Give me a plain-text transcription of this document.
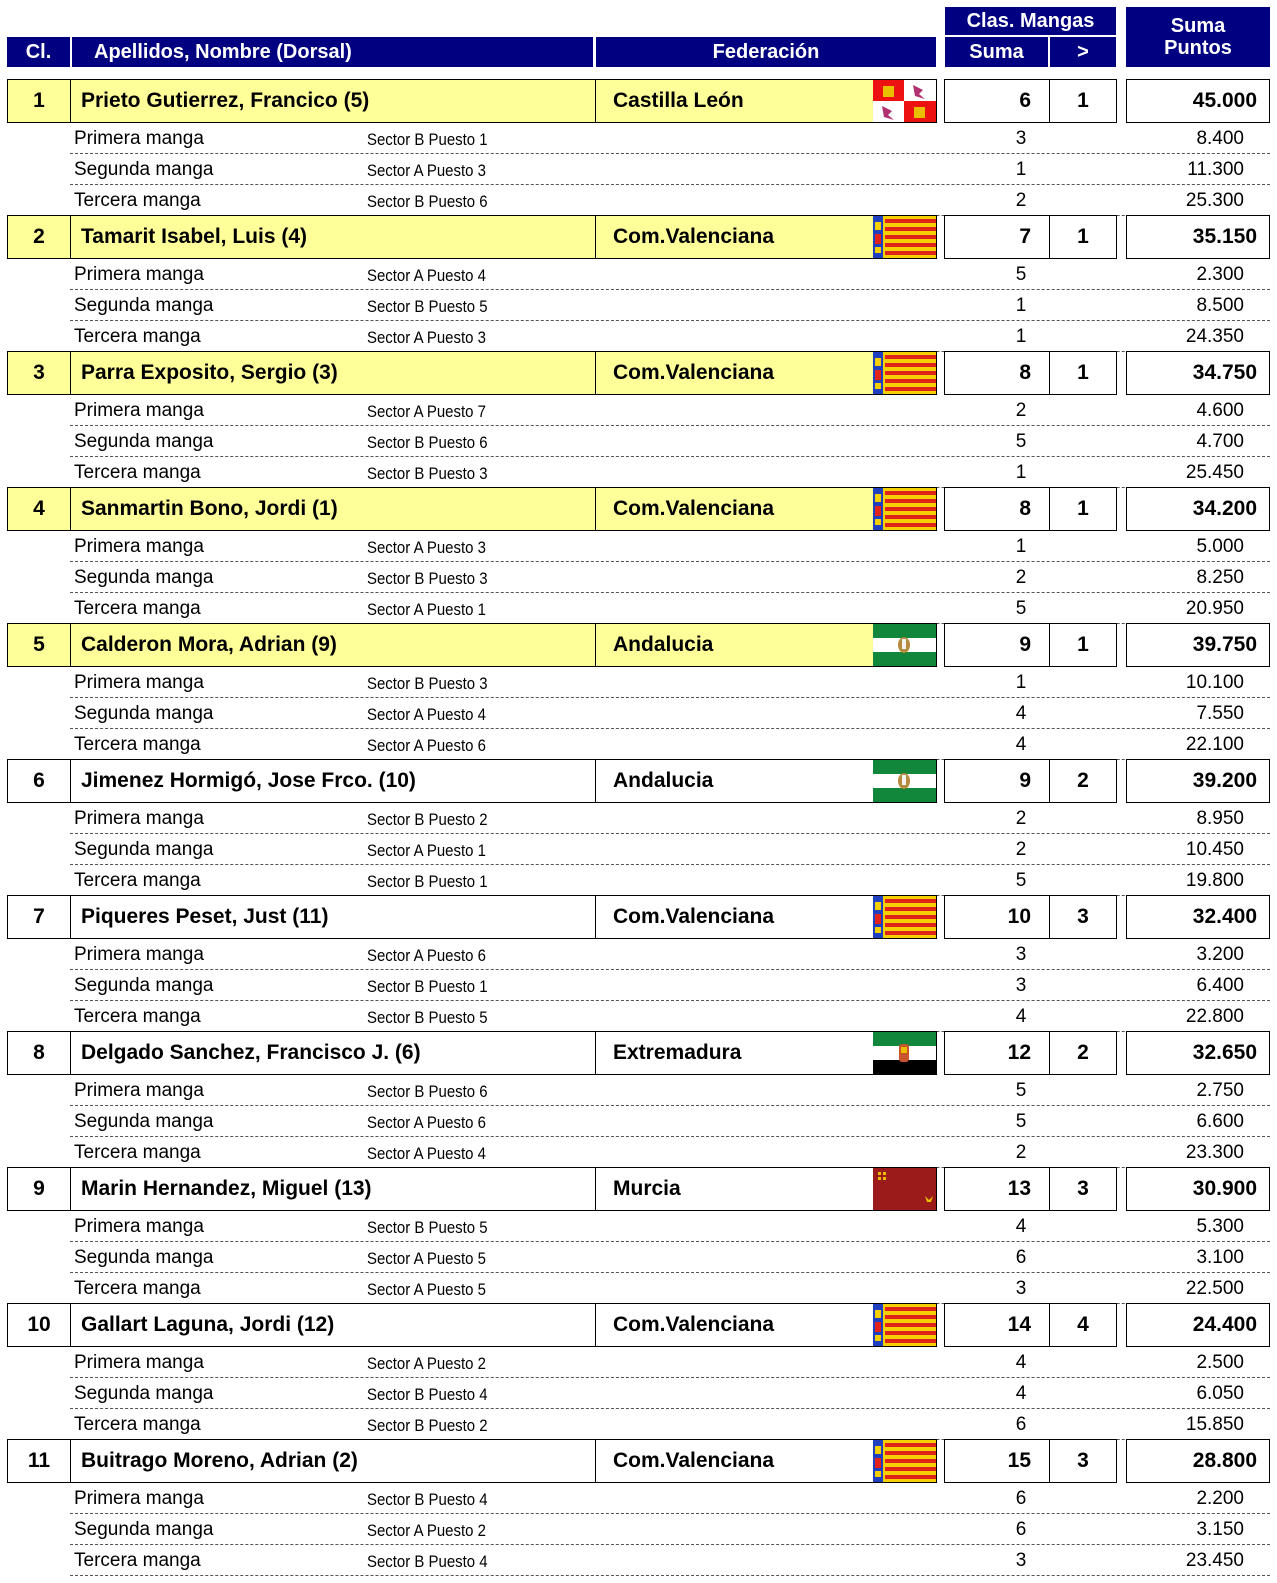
Cl.	Apellidos, Nombre (Dorsal)	Federación
Clas. Mangas
Suma	>
Suma
Puntos
1	Prieto Gutierrez, Francico (5)	Castilla León	6	1	45.000
Primera manga	Sector B Puesto 1	3	8.400
Segunda manga	Sector A Puesto 3	1	11.300
Tercera manga	Sector B Puesto 6	2	25.300
2	Tamarit Isabel, Luis (4)	Com.Valenciana	7	1	35.150
Primera manga	Sector A Puesto 4	5	2.300
Segunda manga	Sector B Puesto 5	1	8.500
Tercera manga	Sector A Puesto 3	1	24.350
3	Parra Exposito, Sergio (3)	Com.Valenciana	8	1	34.750
Primera manga	Sector A Puesto 7	2	4.600
Segunda manga	Sector B Puesto 6	5	4.700
Tercera manga	Sector B Puesto 3	1	25.450
4	Sanmartin Bono, Jordi (1)	Com.Valenciana	8	1	34.200
Primera manga	Sector A Puesto 3	1	5.000
Segunda manga	Sector B Puesto 3	2	8.250
Tercera manga	Sector A Puesto 1	5	20.950
5	Calderon Mora, Adrian (9)	Andalucia	9	1	39.750
Primera manga	Sector B Puesto 3	1	10.100
Segunda manga	Sector A Puesto 4	4	7.550
Tercera manga	Sector A Puesto 6	4	22.100
6	Jimenez Hormigó, Jose Frco. (10)	Andalucia	9	2	39.200
Primera manga	Sector B Puesto 2	2	8.950
Segunda manga	Sector A Puesto 1	2	10.450
Tercera manga	Sector B Puesto 1	5	19.800
7	Piqueres Peset, Just (11)	Com.Valenciana	10	3	32.400
Primera manga	Sector A Puesto 6	3	3.200
Segunda manga	Sector B Puesto 1	3	6.400
Tercera manga	Sector B Puesto 5	4	22.800
8	Delgado Sanchez, Francisco J. (6)	Extremadura	12	2	32.650
Primera manga	Sector B Puesto 6	5	2.750
Segunda manga	Sector A Puesto 6	5	6.600
Tercera manga	Sector A Puesto 4	2	23.300
9	Marin Hernandez, Miguel (13)	Murcia	13	3	30.900
Primera manga	Sector B Puesto 5	4	5.300
Segunda manga	Sector A Puesto 5	6	3.100
Tercera manga	Sector A Puesto 5	3	22.500
10	Gallart Laguna, Jordi (12)	Com.Valenciana	14	4	24.400
Primera manga	Sector A Puesto 2	4	2.500
Segunda manga	Sector B Puesto 4	4	6.050
Tercera manga	Sector B Puesto 2	6	15.850
11	Buitrago Moreno, Adrian (2)	Com.Valenciana	15	3	28.800
Primera manga	Sector B Puesto 4	6	2.200
Segunda manga	Sector A Puesto 2	6	3.150
Tercera manga	Sector B Puesto 4	3	23.450
